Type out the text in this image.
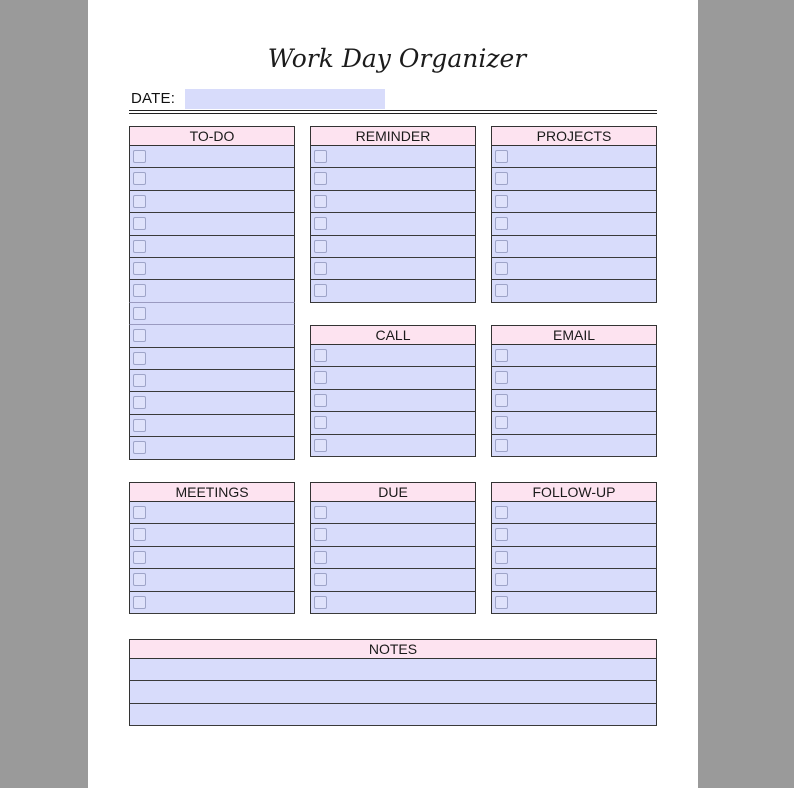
Work Day Organizer
DATE:
TO-DO	REMINDER	PROJECTS
CALL	EMAIL
MEETINGS	DUE	FOLLOW-UP
NOTES
